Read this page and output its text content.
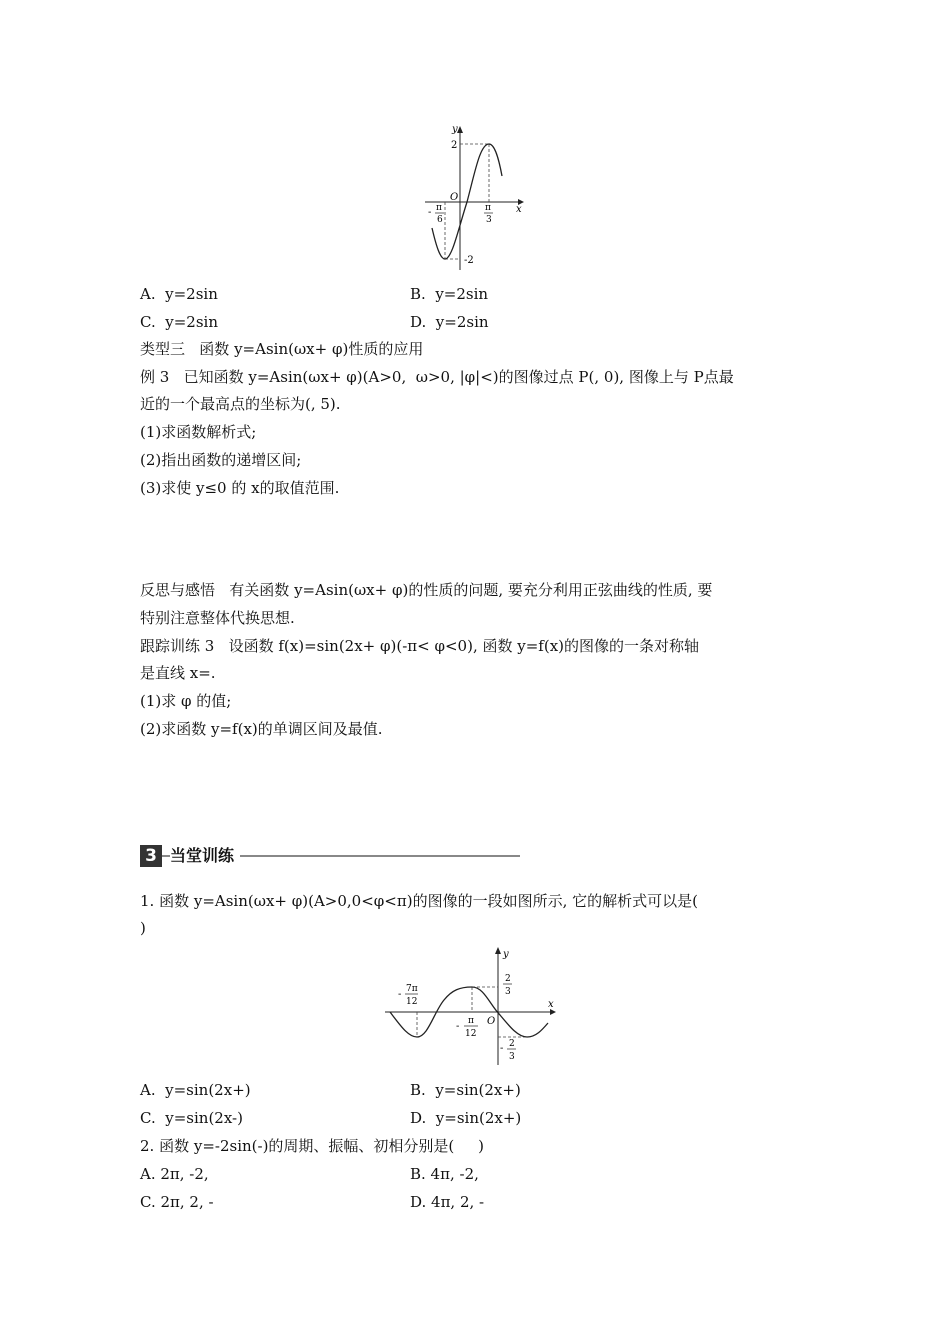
y
x
O
2
-2
- π
6
π
3
A.  y=2sin	B.  y=2sin
C.  y=2sin	D.  y=2sin
类型三   函数 y=Asin(ωx+ φ)性质的应用
例 3   已知函数 y=Asin(ωx+ φ)(A>0,  ω>0, |φ|<)的图像过点 P(, 0), 图像上与 P点最
近的一个最高点的坐标为(, 5).
(1)求函数解析式;
(2)指出函数的递增区间;
(3)求使 y≤0 的 x的取值范围.
反思与感悟   有关函数 y=Asin(ωx+ φ)的性质的问题, 要充分利用正弦曲线的性质, 要
特别注意整体代换思想.
跟踪训练 3   设函数 f(x)=sin(2x+ φ)(-π< φ<0), 函数 y=f(x)的图像的一条对称轴
是直线 x=.
(1)求 φ 的值;
(2)求函数 y=f(x)的单调区间及最值.
3 当堂训练
1. 函数 y=Asin(ωx+ φ)(A>0,0<φ<π)的图像的一段如图所示, 它的解析式可以是(
)
y
x
O
2
3
- 2
3
- 7π
12
- π
12
A.  y=sin(2x+)	B.  y=sin(2x+)
C.  y=sin(2x-)	D.  y=sin(2x+)
2. 函数 y=-2sin(-)的周期、振幅、初相分别是(     )
A. 2π, -2,	B. 4π, -2,
C. 2π, 2, -	D. 4π, 2, -
